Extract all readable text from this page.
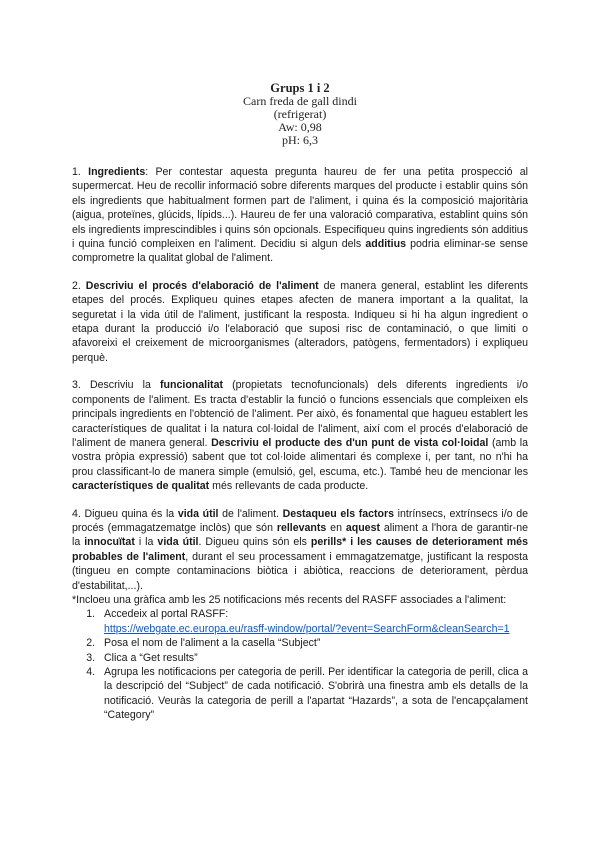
Grups 1 i 2
Carn freda de gall dindi
(refrigerat)
Aw: 0,98
pH: 6,3

1. Ingredients: Per contestar aquesta pregunta haureu de fer una petita prospecció al supermercat. Heu de recollir informació sobre diferents marques del producte i establir quins són els ingredients que habitualment formen part de l'aliment, i quina és la composició majoritària (aigua, proteïnes, glúcids, lípids...). Haureu de fer una valoració comparativa, establint quins són els ingredients imprescindibles i quins són opcionals. Especifiqueu quins ingredients són additius i quina funció compleixen en l'aliment. Decidiu si algun dels additius podria eliminar-se sense comprometre la qualitat global de l'aliment.

2. Descriviu el procés d'elaboració de l'aliment de manera general, establint les diferents etapes del procés. Expliqueu quines etapes afecten de manera important a la qualitat, la seguretat i la vida útil de l'aliment, justificant la resposta. Indiqueu si hi ha algun ingredient o etapa durant la producció i/o l'elaboració que suposi risc de contaminació, o que limiti o afavoreixi el creixement de microorganismes (alteradors, patògens, fermentadors) i expliqueu perquè.

3. Descriviu la funcionalitat (propietats tecnofuncionals) dels diferents ingredients i/o components de l'aliment. Es tracta d'establir la funció o funcions essencials que compleixen els principals ingredients en l'obtenció de l'aliment. Per això, és fonamental que hagueu establert les característiques de qualitat i la natura col·loidal de l'aliment, així com el procés d'elaboració de l'aliment de manera general. Descriviu el producte des d'un punt de vista col·loidal (amb la vostra pròpia expressió) sabent que tot col·loide alimentari és complexe i, per tant, no n'hi ha prou classificant-lo de manera simple (emulsió, gel, escuma, etc.). També heu de mencionar les característiques de qualitat més rellevants de cada producte.

4. Digueu quina és la vida útil de l'aliment. Destaqueu els factors intrínsecs, extrínsecs i/o de procés (emmagatzematge inclòs) que són rellevants en aquest aliment a l'hora de garantir-ne la innocuïtat i la vida útil. Digueu quins són els perills* i les causes de deteriorament més probables de l'aliment, durant el seu processament i emmagatzematge, justificant la resposta (tingueu en compte contaminacions biòtica i abiòtica, reaccions de deteriorament, pèrdua d'estabilitat,...).

*Incloeu una gràfica amb les 25 notificacions més recents del RASFF associades a l'aliment:
1. Accedeix al portal RASFF:
https://webgate.ec.europa.eu/rasff-window/portal/?event=SearchForm&cleanSearch=1
2. Posa el nom de l'aliment a la casella “Subject”
3. Clica a “Get results”
4. Agrupa les notificacions per categoria de perill. Per identificar la categoria de perill, clica a la descripció del “Subject” de cada notificació. S'obrirà una finestra amb els detalls de la notificació. Veuràs la categoria de perill a l'apartat “Hazards”, a sota de l'encapçalament “Category”
